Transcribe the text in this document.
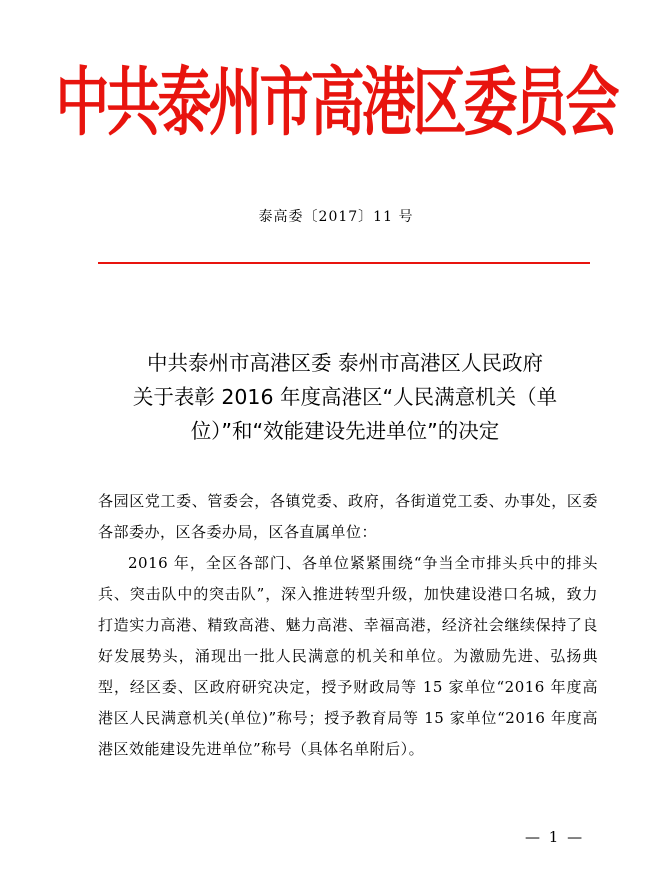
中共泰州市高港区委员会
泰高委〔2017〕11 号
中共泰州市高港区委 泰州市高港区人民政府
关于表彰 2016 年度高港区“人民满意机关（单
位）”和“效能建设先进单位”的决定

各园区党工委、管委会，各镇党委、政府，各街道党工委、办事处，区委各部委办，区各委办局，区各直属单位：

2016 年，全区各部门、各单位紧紧围绕“争当全市排头兵中的排头兵、突击队中的突击队”，深入推进转型升级，加快建设港口名城，致力打造实力高港、精致高港、魅力高港、幸福高港，经济社会继续保持了良好发展势头，涌现出一批人民满意的机关和单位。为激励先进、弘扬典型，经区委、区政府研究决定，授予财政局等 15 家单位“2016 年度高港区人民满意机关(单位)”称号；授予教育局等 15 家单位“2016 年度高港区效能建设先进单位”称号（具体名单附后）。

— 1 —
